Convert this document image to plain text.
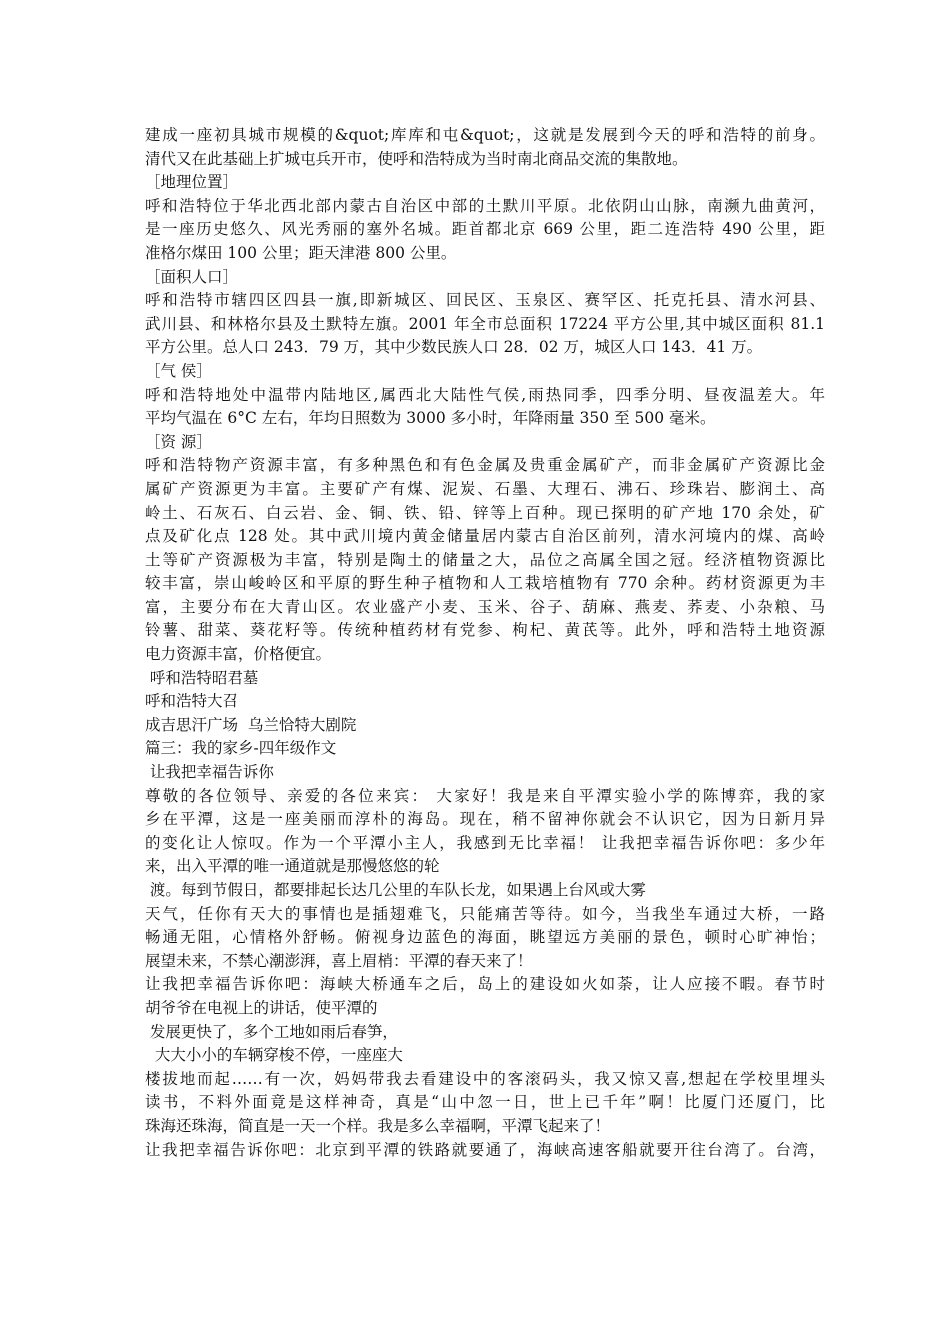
建成一座初具城市规模的&quot;库库和屯&quot;，这就是发展到今天的呼和浩特的前身。

清代又在此基础上扩城屯兵开市，使呼和浩特成为当时南北商品交流的集散地。

［地理位置］

呼和浩特位于华北西北部内蒙古自治区中部的土默川平原。北依阴山山脉，南濒九曲黄河，

是一座历史悠久、风光秀丽的塞外名城。距首都北京 669 公里，距二连浩特 490 公里，距

准格尔煤田 100 公里；距天津港 800 公里。

［面积人口］

呼和浩特市辖四区四县一旗,即新城区、回民区、玉泉区、赛罕区、托克托县、清水河县、

武川县、和林格尔县及土默特左旗。2001 年全市总面积 17224 平方公里,其中城区面积 81.1

平方公里。总人口 243．79 万，其中少数民族人口 28．02 万，城区人口 143．41 万。

［气 侯］

呼和浩特地处中温带内陆地区,属西北大陆性气侯,雨热同季，四季分明、昼夜温差大。年

平均气温在 6°C 左右，年均日照数为 3000 多小时，年降雨量 350 至 500 毫米。

［资 源］

呼和浩特物产资源丰富，有多种黑色和有色金属及贵重金属矿产，而非金属矿产资源比金

属矿产资源更为丰富。主要矿产有煤、泥炭、石墨、大理石、沸石、珍珠岩、膨润土、高

岭土、石灰石、白云岩、金、铜、铁、铅、锌等上百种。现已探明的矿产地 170 余处，矿

点及矿化点 128 处。其中武川境内黄金储量居内蒙古自治区前列，清水河境内的煤、高岭

土等矿产资源极为丰富，特别是陶土的储量之大，品位之高属全国之冠。经济植物资源比

较丰富，崇山峻岭区和平原的野生种子植物和人工栽培植物有 770 余种。药材资源更为丰

富，主要分布在大青山区。农业盛产小麦、玉米、谷子、葫麻、燕麦、荞麦、小杂粮、马

铃薯、甜菜、葵花籽等。传统种植药材有党参、枸杞、黄芪等。此外，呼和浩特土地资源

电力资源丰富，价格便宜。

呼和浩特昭君墓

呼和浩特大召

成吉思汗广场  乌兰恰特大剧院

篇三：我的家乡-四年级作文

让我把幸福告诉你

尊敬的各位领导、亲爱的各位来宾： 大家好！我是来自平潭实验小学的陈博弈，我的家

乡在平潭，这是一座美丽而淳朴的海岛。现在，稍不留神你就会不认识它，因为日新月异

的变化让人惊叹。作为一个平潭小主人，我感到无比幸福！ 让我把幸福告诉你吧：多少年

来，出入平潭的唯一通道就是那慢悠悠的轮

渡。每到节假日，都要排起长达几公里的车队长龙，如果遇上台风或大雾

天气，任你有天大的事情也是插翅难飞，只能痛苦等待。如今，当我坐车通过大桥，一路

畅通无阻，心情格外舒畅。俯视身边蓝色的海面，眺望远方美丽的景色，顿时心旷神怡；

展望未来，不禁心潮澎湃，喜上眉梢：平潭的春天来了！

让我把幸福告诉你吧：海峡大桥通车之后，岛上的建设如火如荼，让人应接不暇。春节时

胡爷爷在电视上的讲话，使平潭的

发展更快了，多个工地如雨后春笋，

大大小小的车辆穿梭不停，一座座大

楼拔地而起……有一次，妈妈带我去看建设中的客滚码头，我又惊又喜,想起在学校里埋头

读书，不料外面竟是这样神奇，真是“山中忽一日，世上已千年”啊！比厦门还厦门，比

珠海还珠海，简直是一天一个样。我是多么幸福啊，平潭飞起来了！

让我把幸福告诉你吧：北京到平潭的铁路就要通了，海峡高速客船就要开往台湾了。台湾，
